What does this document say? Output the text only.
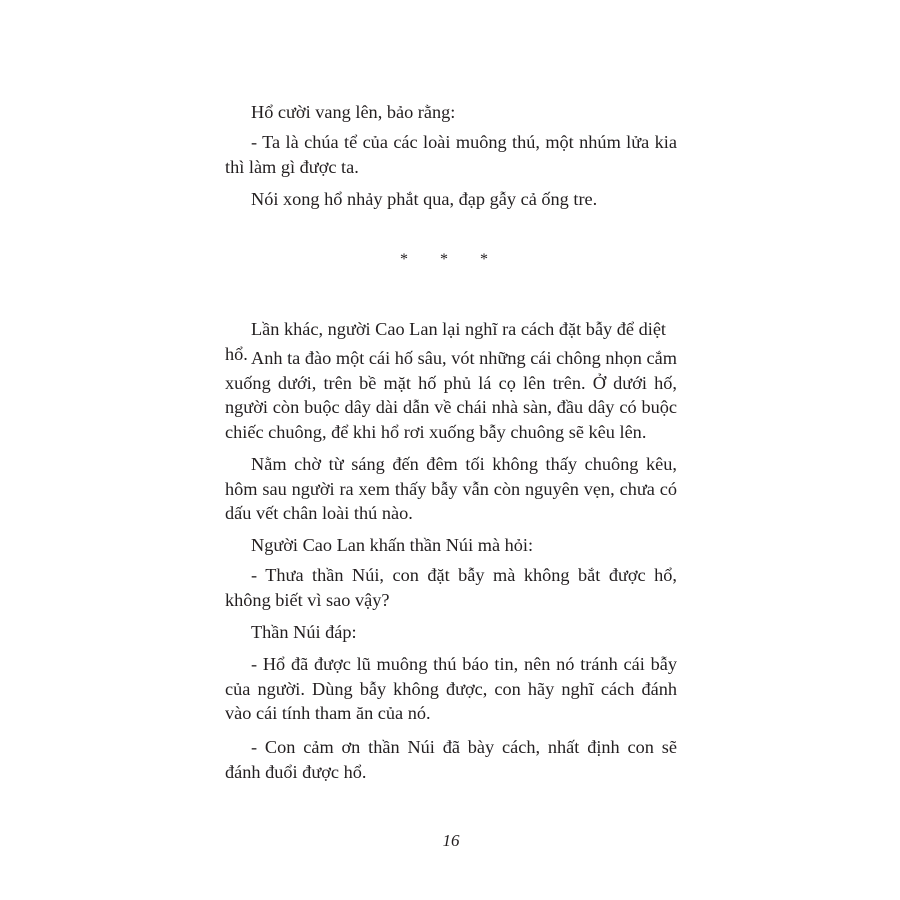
Hổ cười vang lên, bảo rằng:

- Ta là chúa tể của các loài muông thú, một nhúm lửa kia thì làm gì được ta.

Nói xong hổ nhảy phắt qua, đạp gẫy cả ống tre.

* * *

Lần khác, người Cao Lan lại nghĩ ra cách đặt bẫy để diệt hổ. Anh ta đào một cái hố sâu, vót những cái chông nhọn cắm xuống dưới, trên bề mặt hố phủ lá cọ lên trên. Ở dưới hố, người còn buộc dây dài dẫn về chái nhà sàn, đầu dây có buộc chiếc chuông, để khi hổ rơi xuống bẫy chuông sẽ kêu lên.

Nằm chờ từ sáng đến đêm tối không thấy chuông kêu, hôm sau người ra xem thấy bẫy vẫn còn nguyên vẹn, chưa có dấu vết chân loài thú nào.

Người Cao Lan khấn thần Núi mà hỏi:

- Thưa thần Núi, con đặt bẫy mà không bắt được hổ, không biết vì sao vậy?

Thần Núi đáp:

- Hổ đã được lũ muông thú báo tin, nên nó tránh cái bẫy của người. Dùng bẫy không được, con hãy nghĩ cách đánh vào cái tính tham ăn của nó.

- Con cảm ơn thần Núi đã bày cách, nhất định con sẽ đánh đuổi được hổ.

16
